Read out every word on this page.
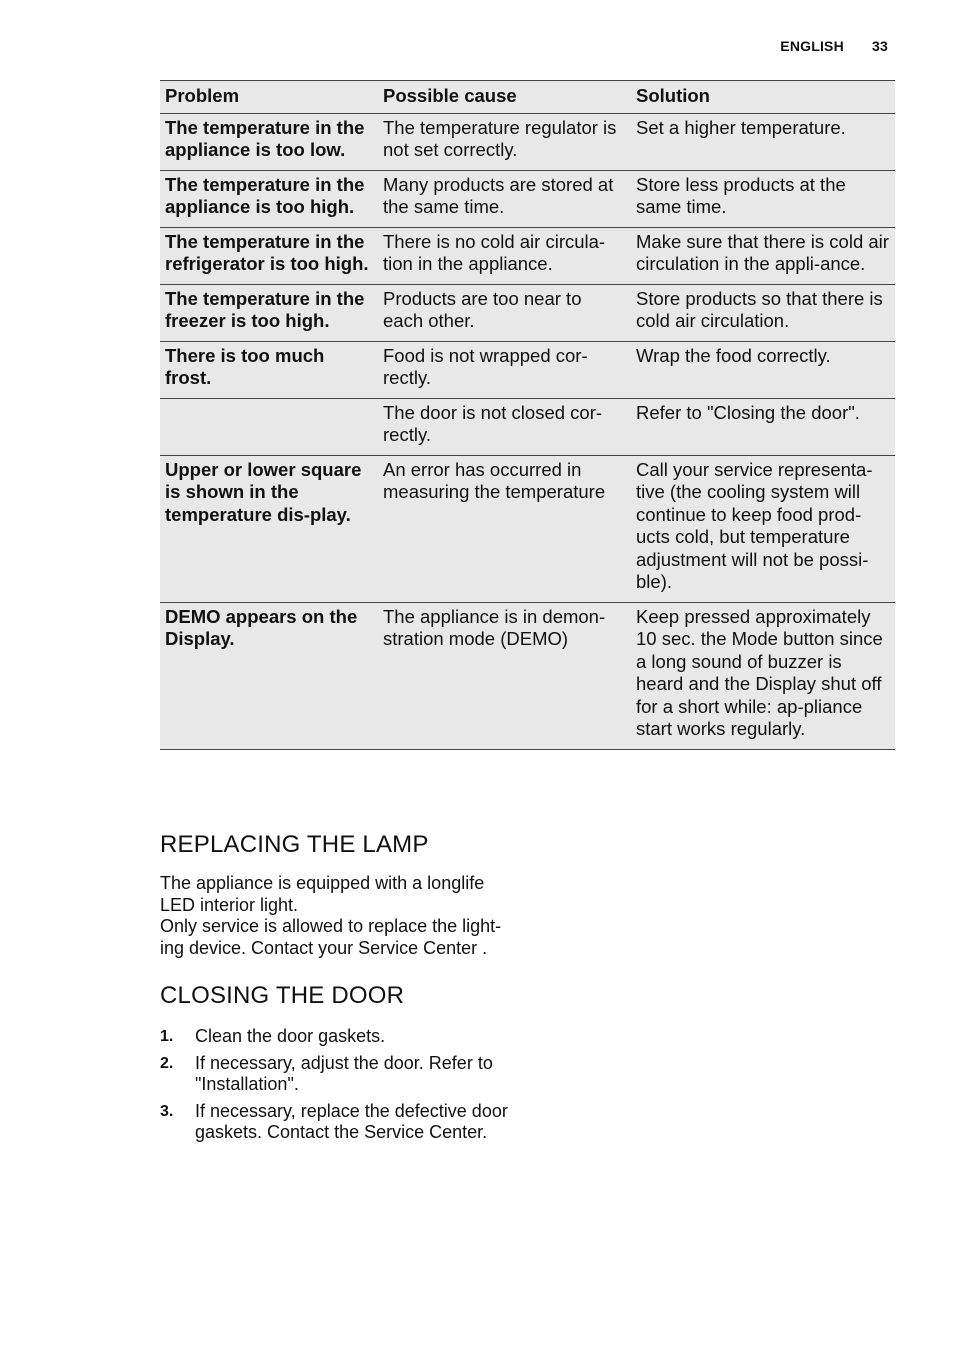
ENGLISH 33
Problem	Possible cause	Solution
The temperature in the appliance is too low.	The temperature regulator is not set correctly.	Set a higher temperature.
The temperature in the appliance is too high.	Many products are stored at the same time.	Store less products at the same time.
The temperature in the refrigerator is too high.	There is no cold air circula-tion in the appliance.	Make sure that there is cold air circulation in the appli-ance.
The temperature in the freezer is too high.	Products are too near to each other.	Store products so that there is cold air circulation.
There is too much frost.	Food is not wrapped cor-rectly.	Wrap the food correctly.
	The door is not closed cor-rectly.	Refer to "Closing the door".
Upper or lower square is shown in the temperature dis-play.	An error has occurred in measuring the temperature	Call your service representa-tive (the cooling system will continue to keep food prod-ucts cold, but temperature adjustment will not be possi-ble).
DEMO appears on the Display.	The appliance is in demon-stration mode (DEMO)	Keep pressed approximately 10 sec. the Mode button since a long sound of buzzer is heard and the Display shut off for a short while: ap-pliance start works regularly.
REPLACING THE LAMP

The appliance is equipped with a longlife LED interior light.
Only service is allowed to replace the light-ing device. Contact your Service Center .

CLOSING THE DOOR
1. Clean the door gaskets.
2. If necessary, adjust the door. Refer to "Installation".
3. If necessary, replace the defective door gaskets. Contact the Service Center.
